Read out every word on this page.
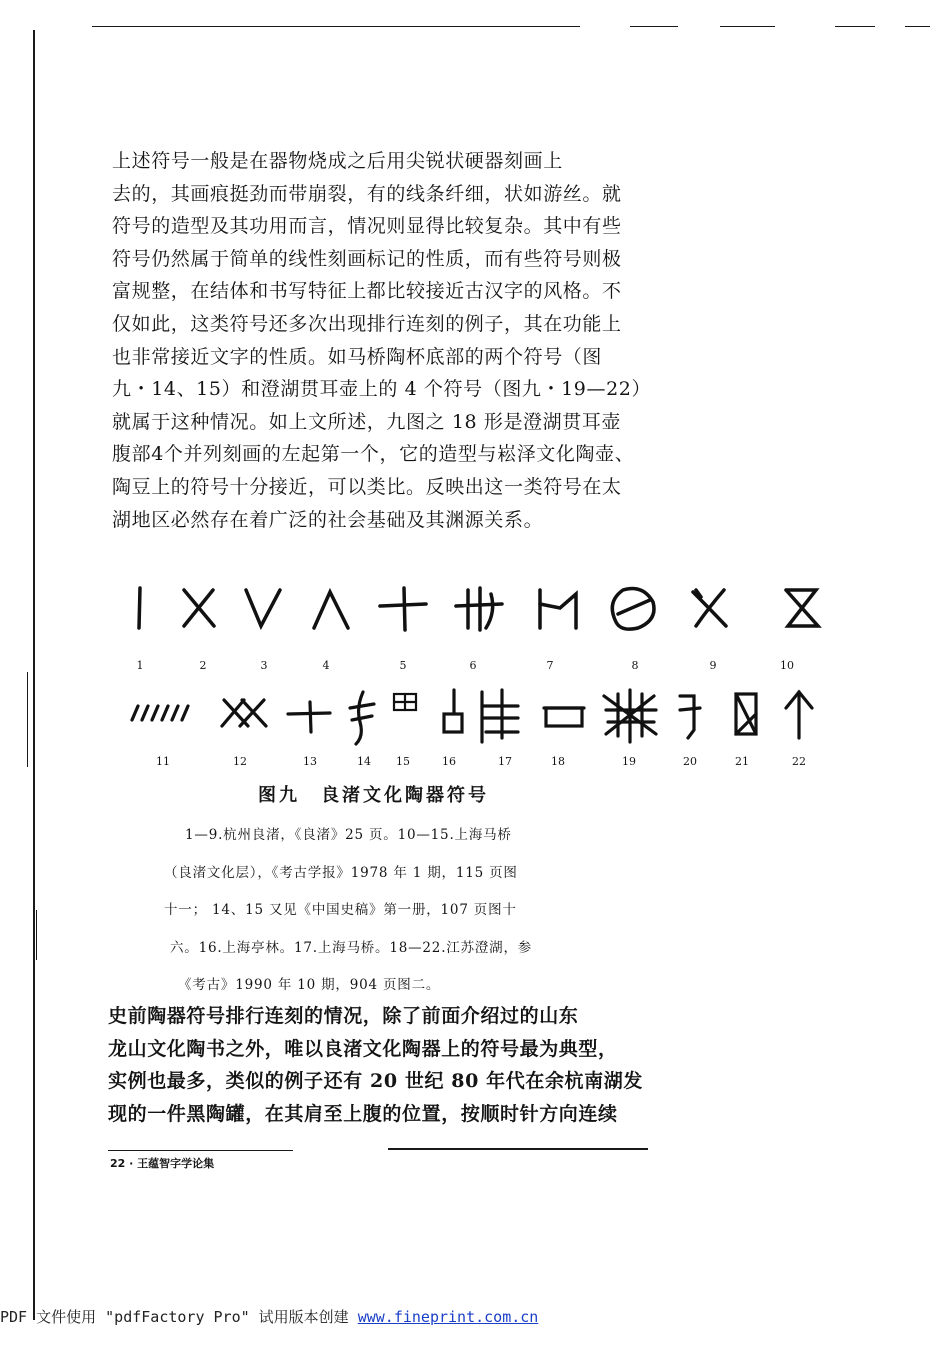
上述符号一般是在器物烧成之后用尖锐状硬器刻画上
去的，其画痕挺劲而带崩裂，有的线条纤细，状如游丝。就
符号的造型及其功用而言，情况则显得比较复杂。其中有些
符号仍然属于简单的线性刻画标记的性质，而有些符号则极
富规整，在结体和书写特征上都比较接近古汉字的风格。不
仅如此，这类符号还多次出现排行连刻的例子，其在功能上
也非常接近文字的性质。如马桥陶杯底部的两个符号（图
九・14、15）和澄湖贯耳壶上的 4 个符号（图九・19—22）
就属于这种情况。如上文所述，九图之 18 形是澄湖贯耳壶
腹部4个并列刻画的左起第一个，它的造型与崧泽文化陶壶、
陶豆上的符号十分接近，可以类比。反映出这一类符号在太
湖地区必然存在着广泛的社会基础及其渊源关系。
1	2	3	4	5	6	7	8	9	10
11	12	13	14	15	16	17	18	19	20	21	22
图九　良渚文化陶器符号
1—9.杭州良渚，《良渚》25 页。10—15.上海马桥
（良渚文化层），《考古学报》1978 年 1 期，115 页图
十一； 14、15 又见《中国史稿》第一册，107 页图十
六。16.上海亭林。17.上海马桥。18—22.江苏澄湖，参
《考古》1990 年 10 期，904 页图二。
史前陶器符号排行连刻的情况，除了前面介绍过的山东
龙山文化陶书之外，唯以良渚文化陶器上的符号最为典型，
实例也最多，类似的例子还有 20 世纪 80 年代在余杭南湖发
现的一件黑陶罐，在其肩至上腹的位置，按顺时针方向连续
22 · 王蕴智字学论集
PDF 文件使用 "pdfFactory Pro" 试用版本创建 www.fineprint.com.cn
